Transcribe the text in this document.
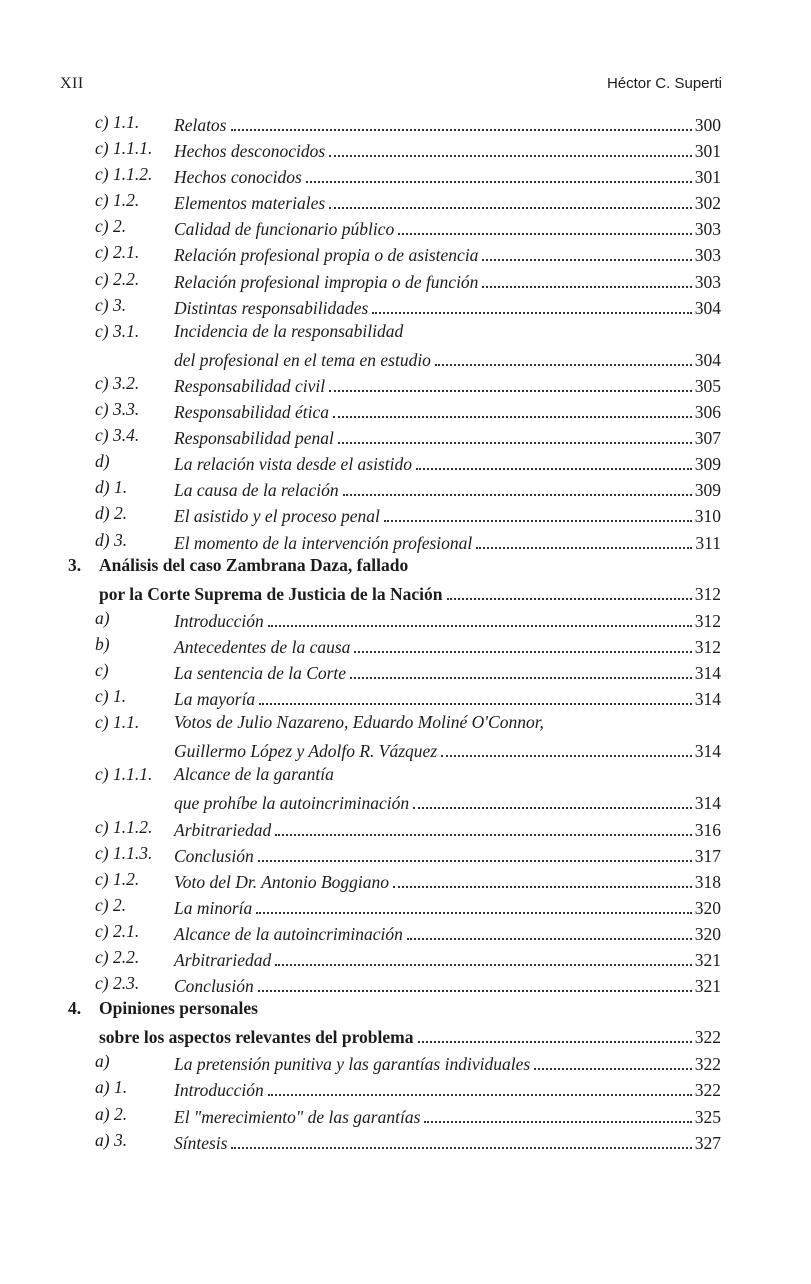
XII	Héctor C. Superti
c) 1.1. Relatos	300
c) 1.1.1. Hechos desconocidos	301
c) 1.1.2. Hechos conocidos	301
c) 1.2. Elementos materiales	302
c) 2.	Calidad de funcionario público	303
c) 2.1. Relación profesional propia o de asistencia	303
c) 2.2. Relación profesional impropia o de función	303
c) 3.	Distintas responsabilidades	304
c) 3.1. Incidencia de la responsabilidad
del profesional en el tema en estudio	304
c) 3.2. Responsabilidad civil	305
c) 3.3. Responsabilidad ética	306
c) 3.4. Responsabilidad penal	307
d)	La relación vista desde el asistido	309
d) 1.	La causa de la relación	309
d) 2.	El asistido y el proceso penal	310
d) 3.	El momento de la intervención profesional	311
3. Análisis del caso Zambrana Daza, fallado
por la Corte Suprema de Justicia de la Nación	312
a)	Introducción	312
b)	Antecedentes de la causa	312
c)	La sentencia de la Corte	314
c) 1.	La mayoría	314
c) 1.1. Votos de Julio Nazareno, Eduardo Moliné O'Connor,
Guillermo López y Adolfo R. Vázquez	314
c) 1.1.1. Alcance de la garantía
que prohíbe la autoincriminación	314
c) 1.1.2. Arbitrariedad	316
c) 1.1.3. Conclusión	317
c) 1.2. Voto del Dr. Antonio Boggiano	318
c) 2.	La minoría	320
c) 2.1. Alcance de la autoincriminación	320
c) 2.2. Arbitrariedad	321
c) 2.3. Conclusión	321
4. Opiniones personales
sobre los aspectos relevantes del problema	322
a)	La pretensión punitiva y las garantías individuales	322
a) 1.	Introducción	322
a) 2.	El "merecimiento" de las garantías	325
a) 3.	Síntesis	327
